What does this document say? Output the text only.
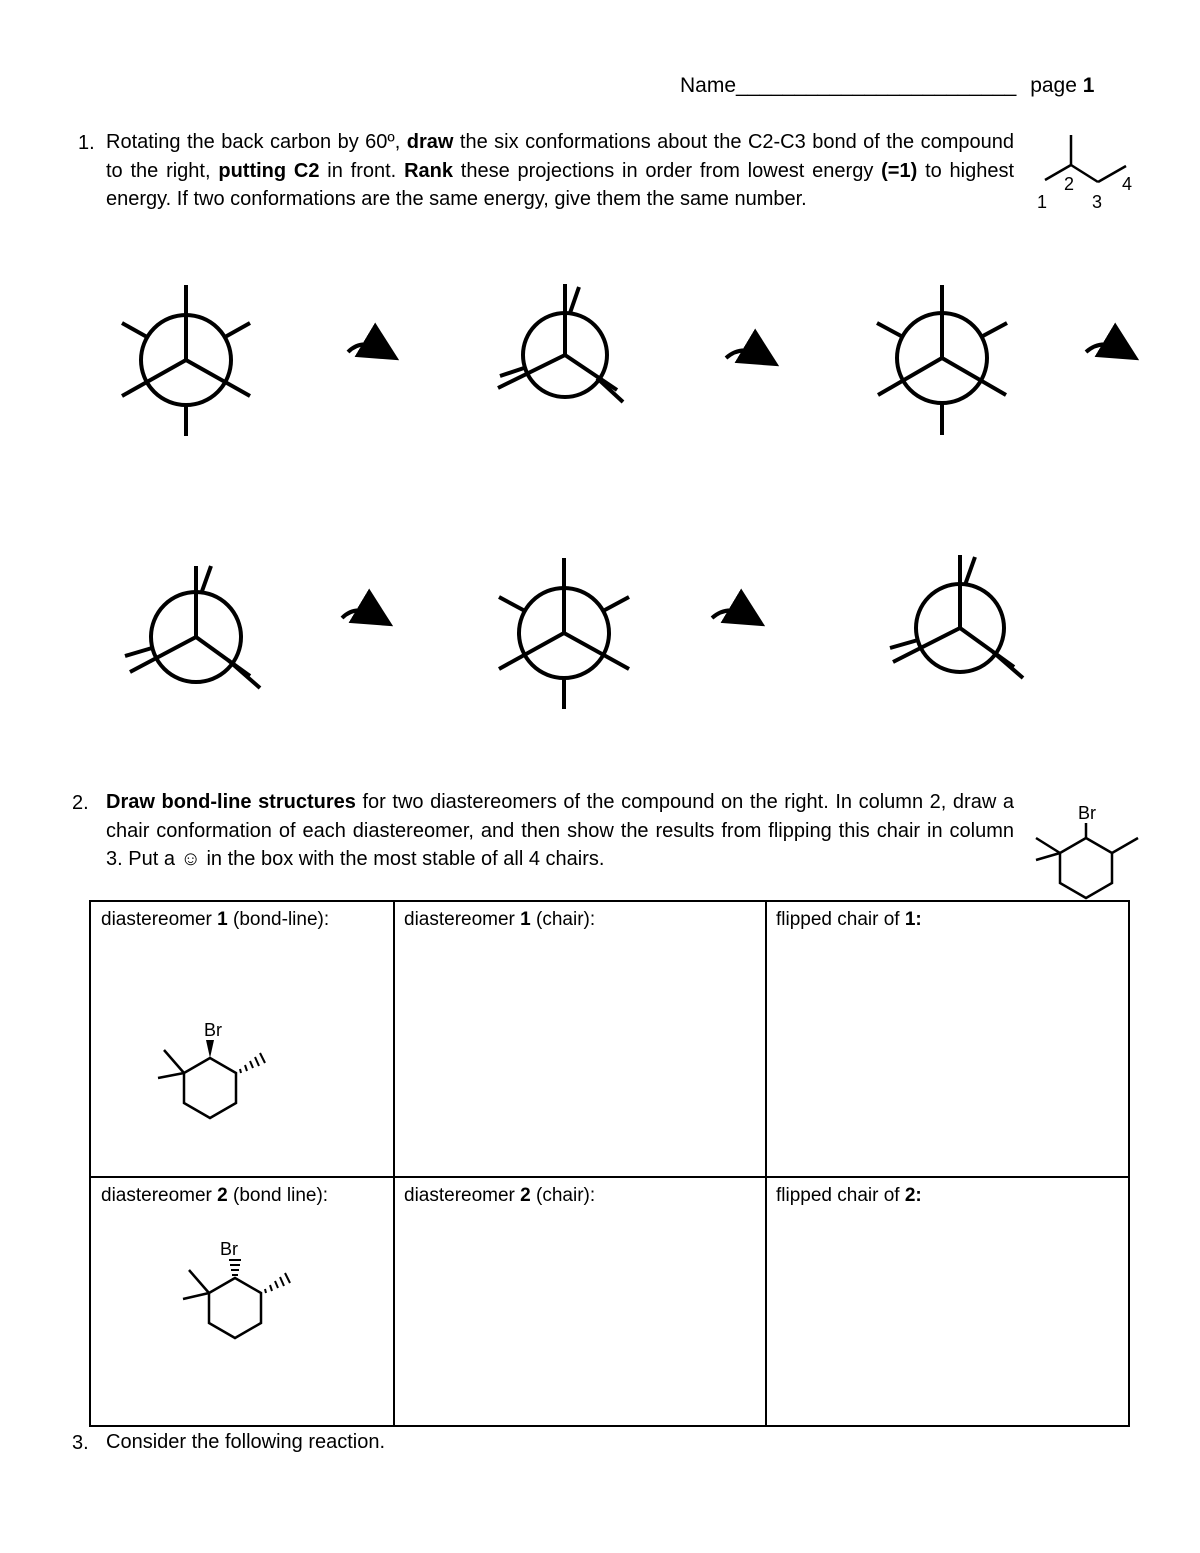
Name________________________ page 1
1. Rotating the back carbon by 60º, draw the six conformations about the C2-C3 bond of the compound to the right, putting C2 in front. Rank these projections in order from lowest energy (=1) to highest energy. If two conformations are the same energy, give them the same number.
2. Draw bond-line structures for two diastereomers of the compound on the right. In column 2, draw a chair conformation of each diastereomer, and then show the results from flipping this chair in column 3. Put a ☺ in the box with the most stable of all 4 chairs.
3. Consider the following reaction.
1
2
3
4
Br
Br
Br
diastereomer 1 (bond-line):	diastereomer 1 (chair):	flipped chair of 1:
diastereomer 2 (bond line):	diastereomer 2 (chair):	flipped chair of 2:
